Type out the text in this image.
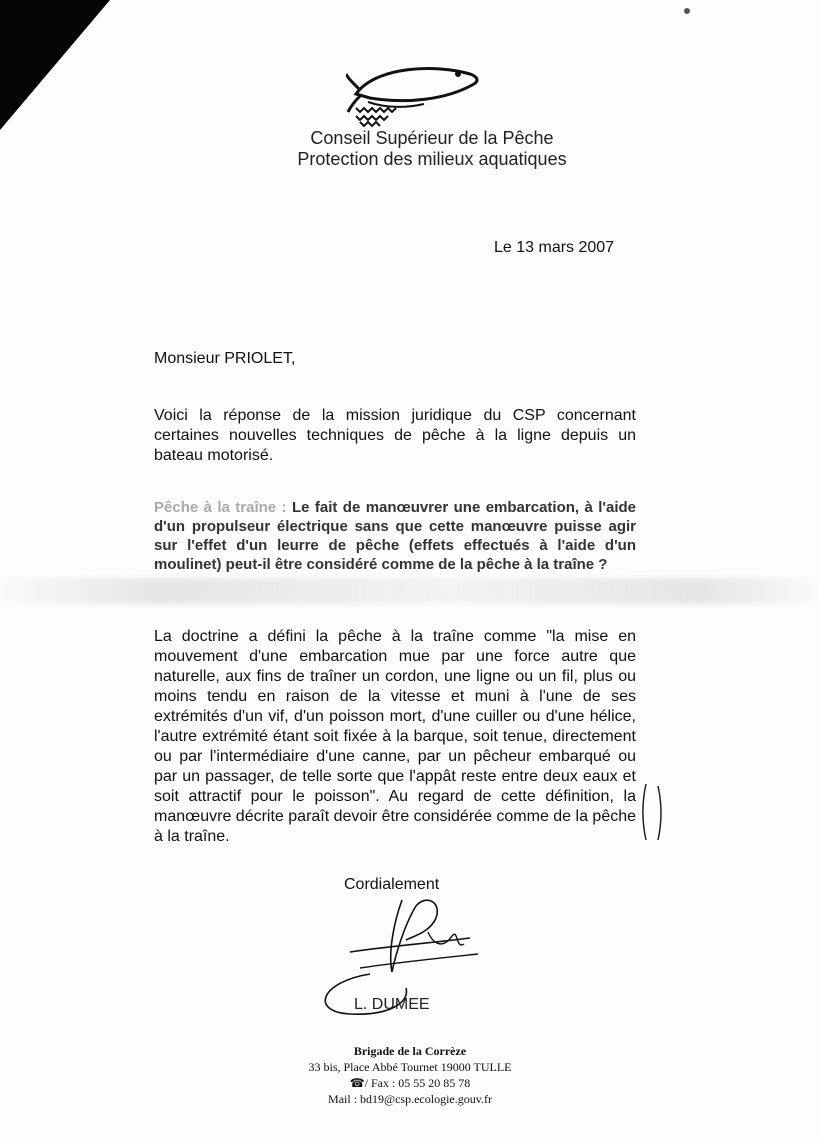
Conseil Supérieur de la Pêche
Protection des milieux aquatiques
Le 13 mars 2007
Monsieur PRIOLET,
Voici la réponse de la mission juridique du CSP concernant certaines nouvelles techniques de pêche à la ligne depuis un bateau motorisé.
Pêche à la traîne : Le fait de manœuvrer une embarcation, à l'aide d'un propulseur électrique sans que cette manœuvre puisse agir sur l'effet d'un leurre de pêche (effets effectués à l'aide d'un moulinet) peut-il être considéré comme de la pêche à la traîne ?
La doctrine a défini la pêche à la traîne comme "la mise en mouvement d'une embarcation mue par une force autre que naturelle, aux fins de traîner un cordon, une ligne ou un fil, plus ou moins tendu en raison de la vitesse et muni à l'une de ses extrémités d'un vif, d'un poisson mort, d'une cuiller ou d'une hélice, l'autre extrémité étant soit fixée à la barque, soit tenue, directement ou par l'intermédiaire d'une canne, par un pêcheur embarqué ou par un passager, de telle sorte que l'appât reste entre deux eaux et soit attractif pour le poisson". Au regard de cette définition, la manœuvre décrite paraît devoir être considérée comme de la pêche à la traîne.
Cordialement
L. DUMEE
Brigade de la Corrèze
33 bis, Place Abbé Tournet 19000 TULLE
☎/ Fax : 05 55 20 85 78
Mail : bd19@csp.ecologie.gouv.fr
